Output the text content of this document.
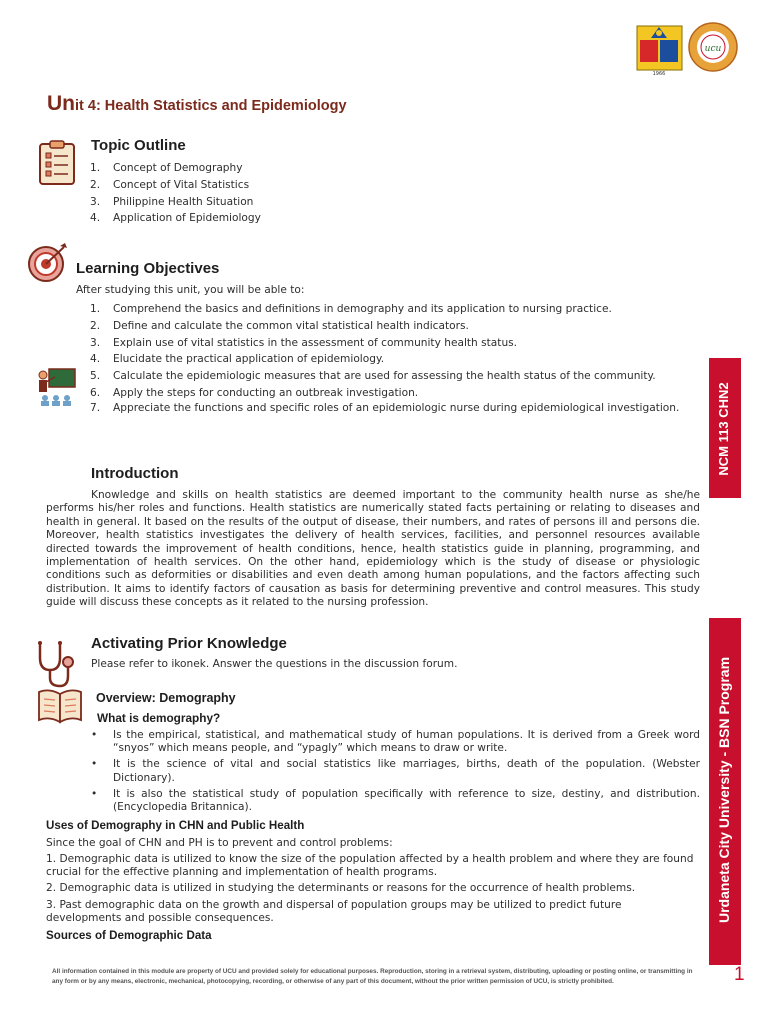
1966
ucu
Unit 4: Health Statistics and Epidemiology
Topic Outline
1. Concept of Demography
2. Concept of Vital Statistics
3. Philippine Health Situation
4. Application of Epidemiology
Learning Objectives
After studying this unit, you will be able to:
1. Comprehend the basics and definitions in demography and its application to nursing practice.
2. Define and calculate the common vital statistical health indicators.
3. Explain use of vital statistics in the assessment of community health status.
4. Elucidate the practical application of epidemiology.
5. Calculate the epidemiologic measures that are used for assessing the health status of the community.
6. Apply the steps for conducting an outbreak investigation.
7. Appreciate the functions and specific roles of an epidemiologic nurse during epidemiological investigation.
Introduction
Knowledge and skills on health statistics are deemed important to the community health nurse as she/he performs his/her roles and functions. Health statistics are numerically stated facts pertaining or relating to diseases and health in general. It based on the results of the output of disease, their numbers, and rates of persons ill and persons die. Moreover, health statistics investigates the delivery of health services, facilities, and personnel resources available directed towards the improvement of health conditions, hence, health statistics guide in planning, programming, and implementation of health services. On the other hand, epidemiology which is the study of disease or physiologic conditions such as deformities or disabilities and even death among human populations, and the factors affecting such distribution. It aims to identify factors of causation as basis for determining preventive and control measures. This study guide will discuss these concepts as it related to the nursing profession.
Activating Prior Knowledge
Please refer to ikonek. Answer the questions in the discussion forum.
Overview: Demography
What is demography?
• Is the empirical, statistical, and mathematical study of human populations. It is derived from a Greek word “snyos” which means people, and “ypagly” which means to draw or write.
• It is the science of vital and social statistics like marriages, births, death of the population. (Webster Dictionary).
• It is also the statistical study of population specifically with reference to size, destiny, and distribution. (Encyclopedia Britannica).
Uses of Demography in CHN and Public Health
Since the goal of CHN and PH is to prevent and control problems:
1. Demographic data is utilized to know the size of the population affected by a health problem and where they are found crucial for the effective planning and implementation of health programs.
2. Demographic data is utilized in studying the determinants or reasons for the occurrence of health problems.
3. Past demographic data on the growth and dispersal of population groups may be utilized to predict future developments and possible consequences.
Sources of Demographic Data
NCM 113 CHN2
Urdaneta City University - BSN Program
All information contained in this module are property of UCU and provided solely for educational purposes. Reproduction, storing in a retrieval system, distributing, uploading or posting online, or transmitting in any form or by any means, electronic, mechanical, photocopying, recording, or otherwise of any part of this document, without the prior written permission of UCU, is strictly prohibited.	1
